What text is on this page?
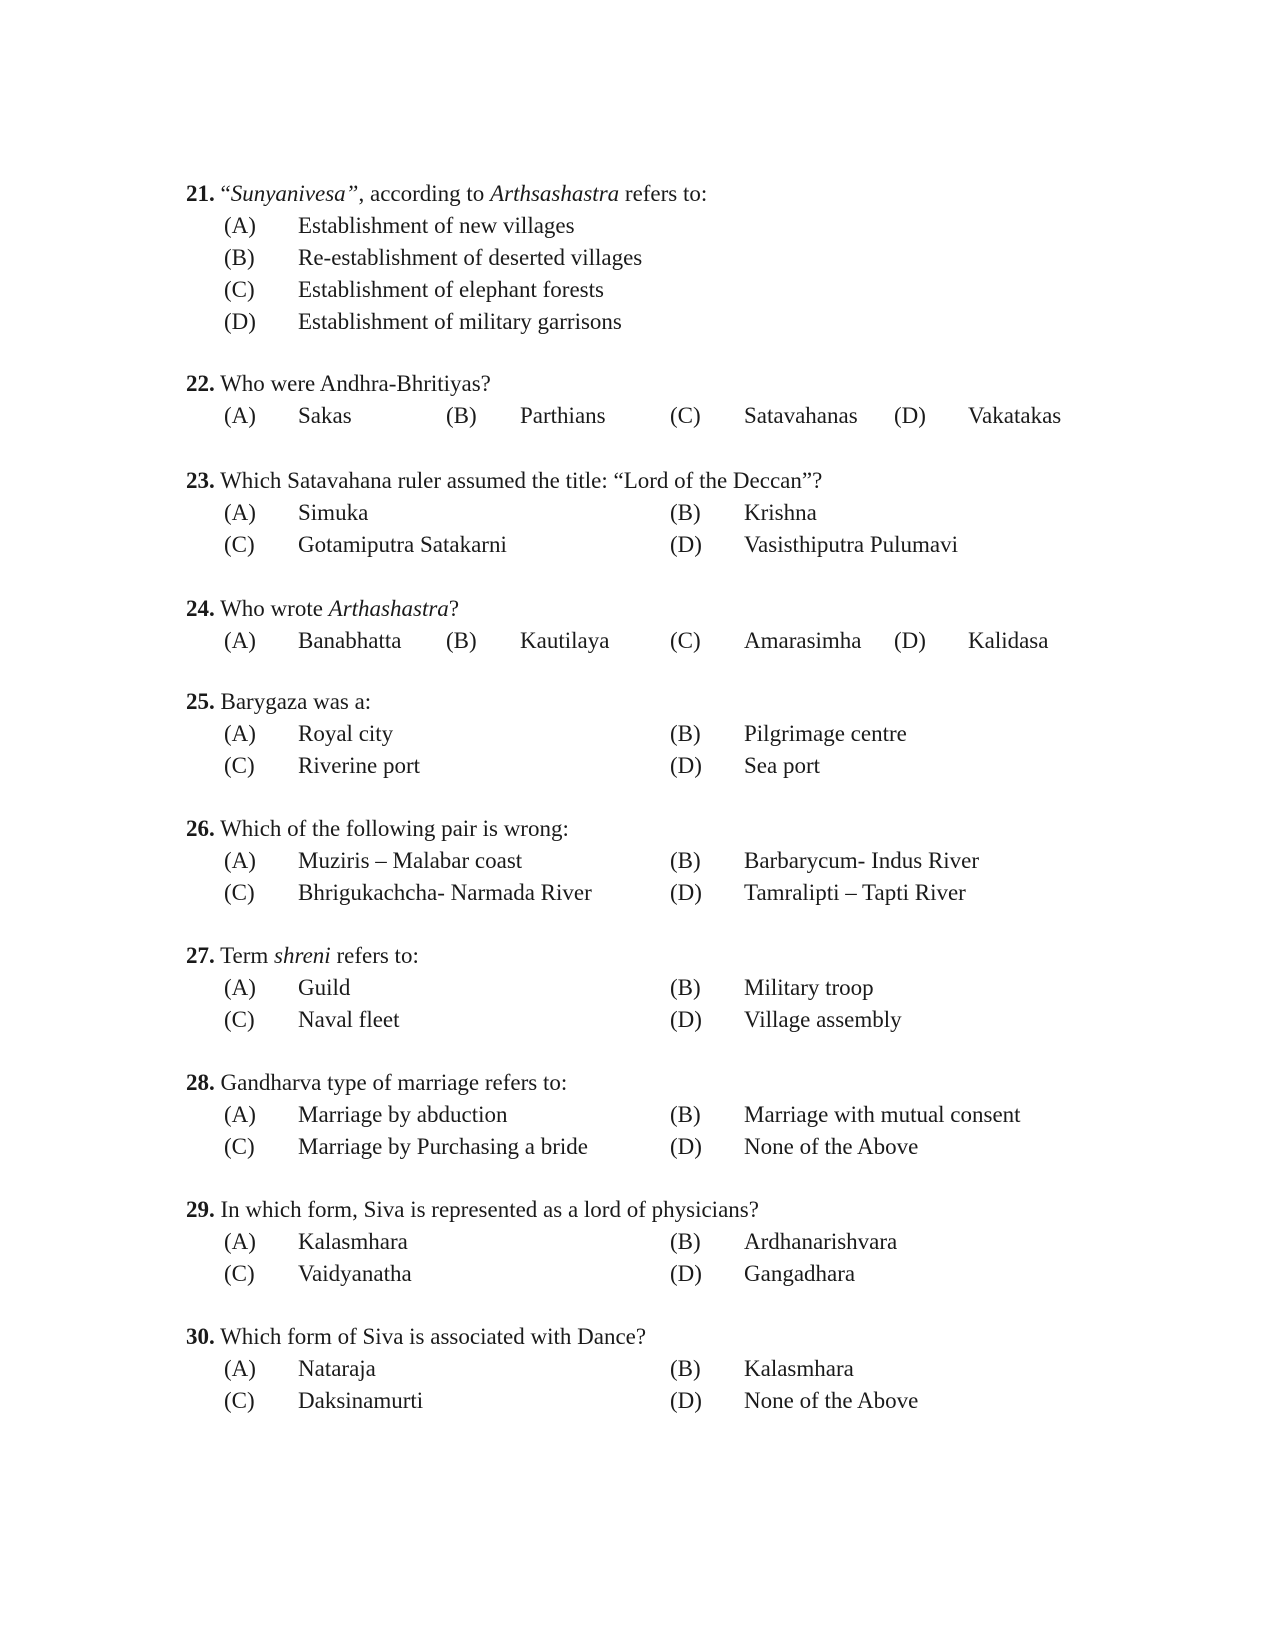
21. “Sunyanivesa”, according to Arthsashastra refers to:
(A) Establishment of new villages
(B) Re-establishment of deserted villages
(C) Establishment of elephant forests
(D) Establishment of military garrisons
22. Who were Andhra-Bhritiyas?
(A) Sakas	(B) Parthians	(C) Satavahanas (D) Vakatakas
23. Which Satavahana ruler assumed the title: “Lord of the Deccan”?
(A) Simuka	(B) Krishna
(C) Gotamiputra Satakarni	(D) Vasisthiputra Pulumavi
24. Who wrote Arthashastra?
(A) Banabhatta (B) Kautilaya	(C) Amarasimha (D) Kalidasa
25. Barygaza was a:
(A) Royal city	(B) Pilgrimage centre
(C) Riverine port	(D) Sea port
26. Which of the following pair is wrong:
(A) Muziris – Malabar coast	(B) Barbarycum- Indus River
(C) Bhrigukachcha- Narmada River	(D) Tamralipti – Tapti River
27. Term shreni refers to:
(A) Guild	(B) Military troop
(C) Naval fleet	(D) Village assembly
28. Gandharva type of marriage refers to:
(A) Marriage by abduction	(B) Marriage with mutual consent
(C) Marriage by Purchasing a bride	(D) None of the Above
29. In which form, Siva is represented as a lord of physicians?
(A) Kalasmhara	(B) Ardhanarishvara
(C) Vaidyanatha	(D) Gangadhara
30. Which form of Siva is associated with Dance?
(A) Nataraja	(B) Kalasmhara
(C) Daksinamurti	(D) None of the Above
